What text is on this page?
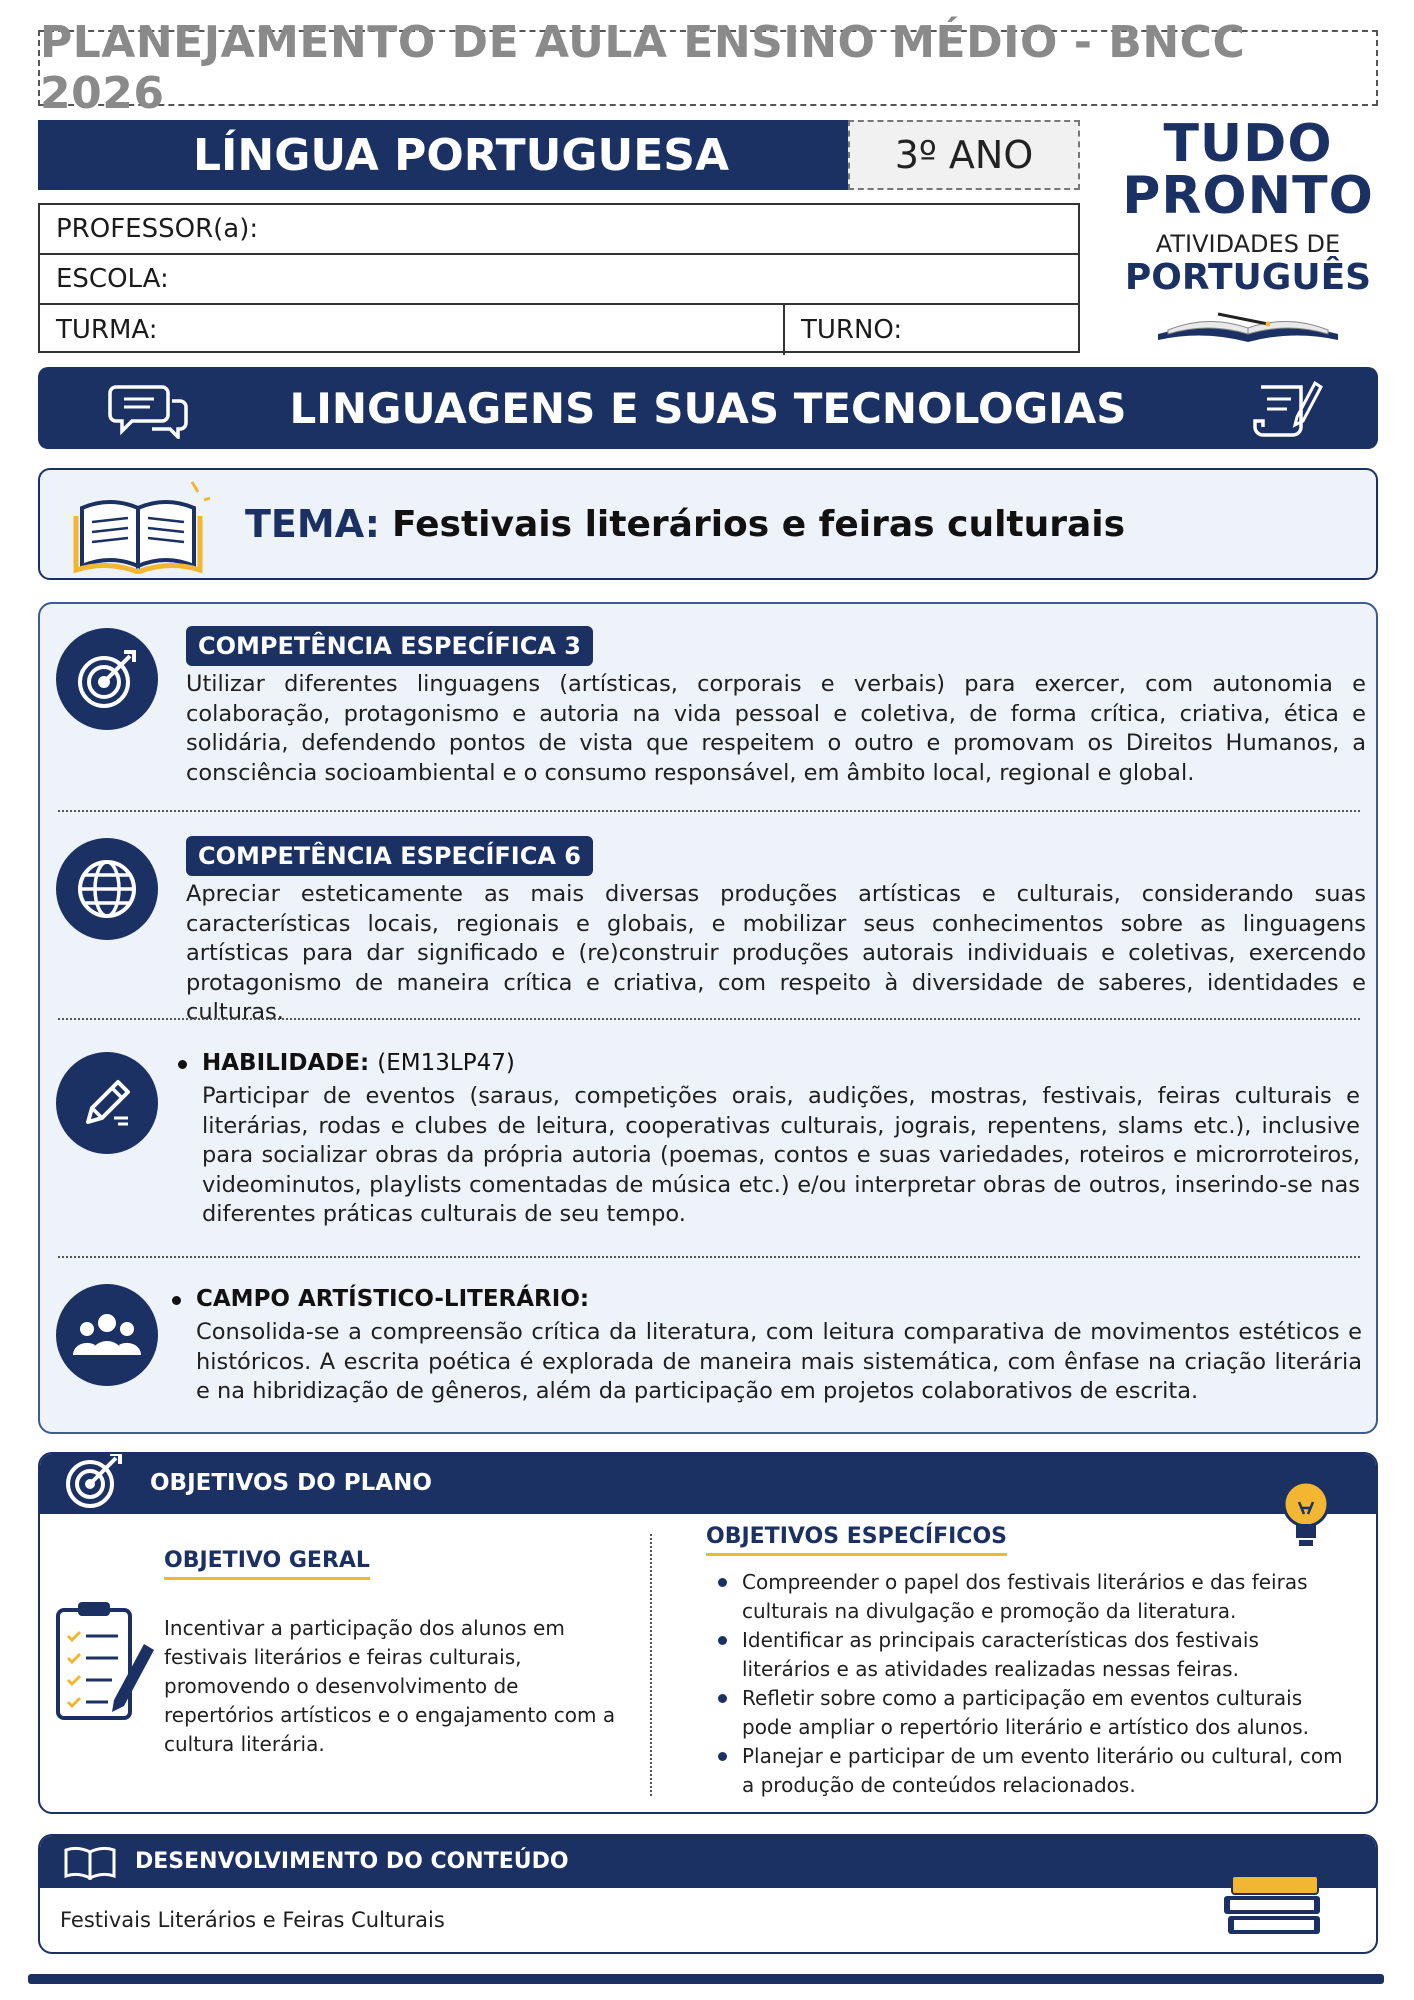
PLANEJAMENTO DE AULA ENSINO MÉDIO - BNCC 2026
LÍNGUA PORTUGUESA	3º ANO
PROFESSOR(a):
ESCOLA:
TURMA:	TURNO:
TUDO
PRONTO
ATIVIDADES DE
PORTUGUÊS
LINGUAGENS E SUAS TECNOLOGIAS
TEMA: Festivais literários e feiras culturais
COMPETÊNCIA ESPECÍFICA 3
Utilizar diferentes linguagens (artísticas, corporais e verbais) para exercer, com autonomia e colaboração, protagonismo e autoria na vida pessoal e coletiva, de forma crítica, criativa, ética e solidária, defendendo pontos de vista que respeitem o outro e promovam os Direitos Humanos, a consciência socioambiental e o consumo responsável, em âmbito local, regional e global.
COMPETÊNCIA ESPECÍFICA 6
Apreciar esteticamente as mais diversas produções artísticas e culturais, considerando suas características locais, regionais e globais, e mobilizar seus conhecimentos sobre as linguagens artísticas para dar significado e (re)construir produções autorais individuais e coletivas, exercendo protagonismo de maneira crítica e criativa, com respeito à diversidade de saberes, identidades e culturas.
HABILIDADE: (EM13LP47)
Participar de eventos (saraus, competições orais, audições, mostras, festivais, feiras culturais e literárias, rodas e clubes de leitura, cooperativas culturais, jograis, repentens, slams etc.), inclusive para socializar obras da própria autoria (poemas, contos e suas variedades, roteiros e microrroteiros, videominutos, playlists comentadas de música etc.) e/ou interpretar obras de outros, inserindo-se nas diferentes práticas culturais de seu tempo.
CAMPO ARTÍSTICO-LITERÁRIO:
Consolida-se a compreensão crítica da literatura, com leitura comparativa de movimentos estéticos e históricos. A escrita poética é explorada de maneira mais sistemática, com ênfase na criação literária e na hibridização de gêneros, além da participação em projetos colaborativos de escrita.
OBJETIVOS DO PLANO
OBJETIVO GERAL
Incentivar a participação dos alunos em festivais literários e feiras culturais, promovendo o desenvolvimento de repertórios artísticos e o engajamento com a cultura literária.
OBJETIVOS ESPECÍFICOS
Compreender o papel dos festivais literários e das feiras culturais na divulgação e promoção da literatura.
Identificar as principais características dos festivais literários e as atividades realizadas nessas feiras.
Refletir sobre como a participação em eventos culturais pode ampliar o repertório literário e artístico dos alunos.
Planejar e participar de um evento literário ou cultural, com a produção de conteúdos relacionados.
DESENVOLVIMENTO DO CONTEÚDO
Festivais Literários e Feiras Culturais
